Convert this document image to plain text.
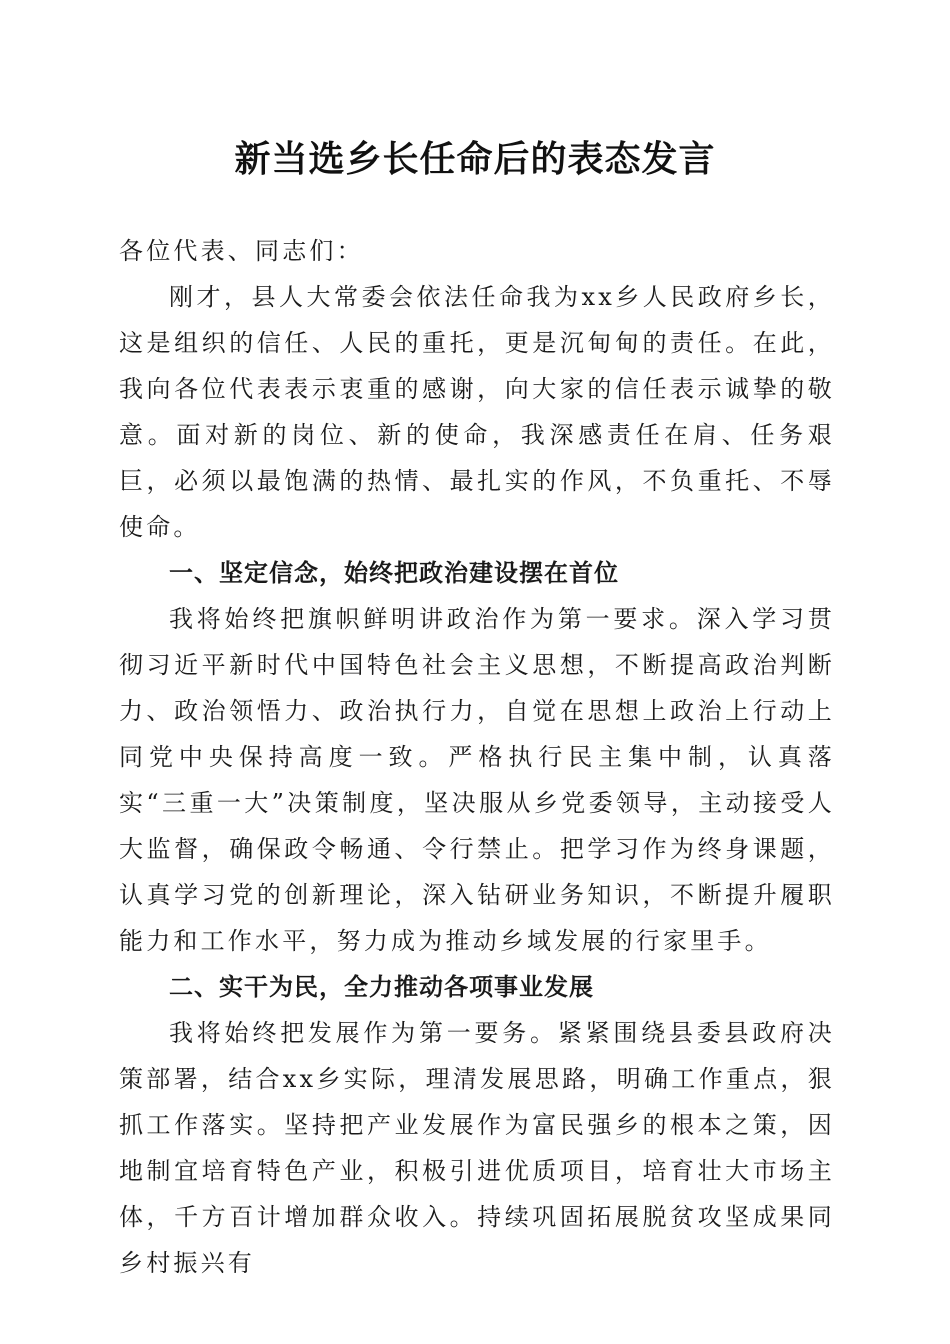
新当选乡长任命后的表态发言

各位代表、同志们：

刚才，县人大常委会依法任命我为xx乡人民政府乡长，这是组织的信任、人民的重托，更是沉甸甸的责任。在此，我向各位代表表示衷重的感谢，向大家的信任表示诚挚的敬意。面对新的岗位、新的使命，我深感责任在肩、任务艰巨，必须以最饱满的热情、最扎实的作风，不负重托、不辱使命。

一、坚定信念，始终把政治建设摆在首位

我将始终把旗帜鲜明讲政治作为第一要求。深入学习贯彻习近平新时代中国特色社会主义思想，不断提高政治判断力、政治领悟力、政治执行力，自觉在思想上政治上行动上同党中央保持高度一致。严格执行民主集中制，认真落实“三重一大”决策制度，坚决服从乡党委领导，主动接受人大监督，确保政令畅通、令行禁止。把学习作为终身课题，认真学习党的创新理论，深入钻研业务知识，不断提升履职能力和工作水平，努力成为推动乡域发展的行家里手。

二、实干为民，全力推动各项事业发展

我将始终把发展作为第一要务。紧紧围绕县委县政府决策部署，结合xx乡实际，理清发展思路，明确工作重点，狠抓工作落实。坚持把产业发展作为富民强乡的根本之策，因地制宜培育特色产业，积极引进优质项目，培育壮大市场主体，千方百计增加群众收入。持续巩固拓展脱贫攻坚成果同乡村振兴有
